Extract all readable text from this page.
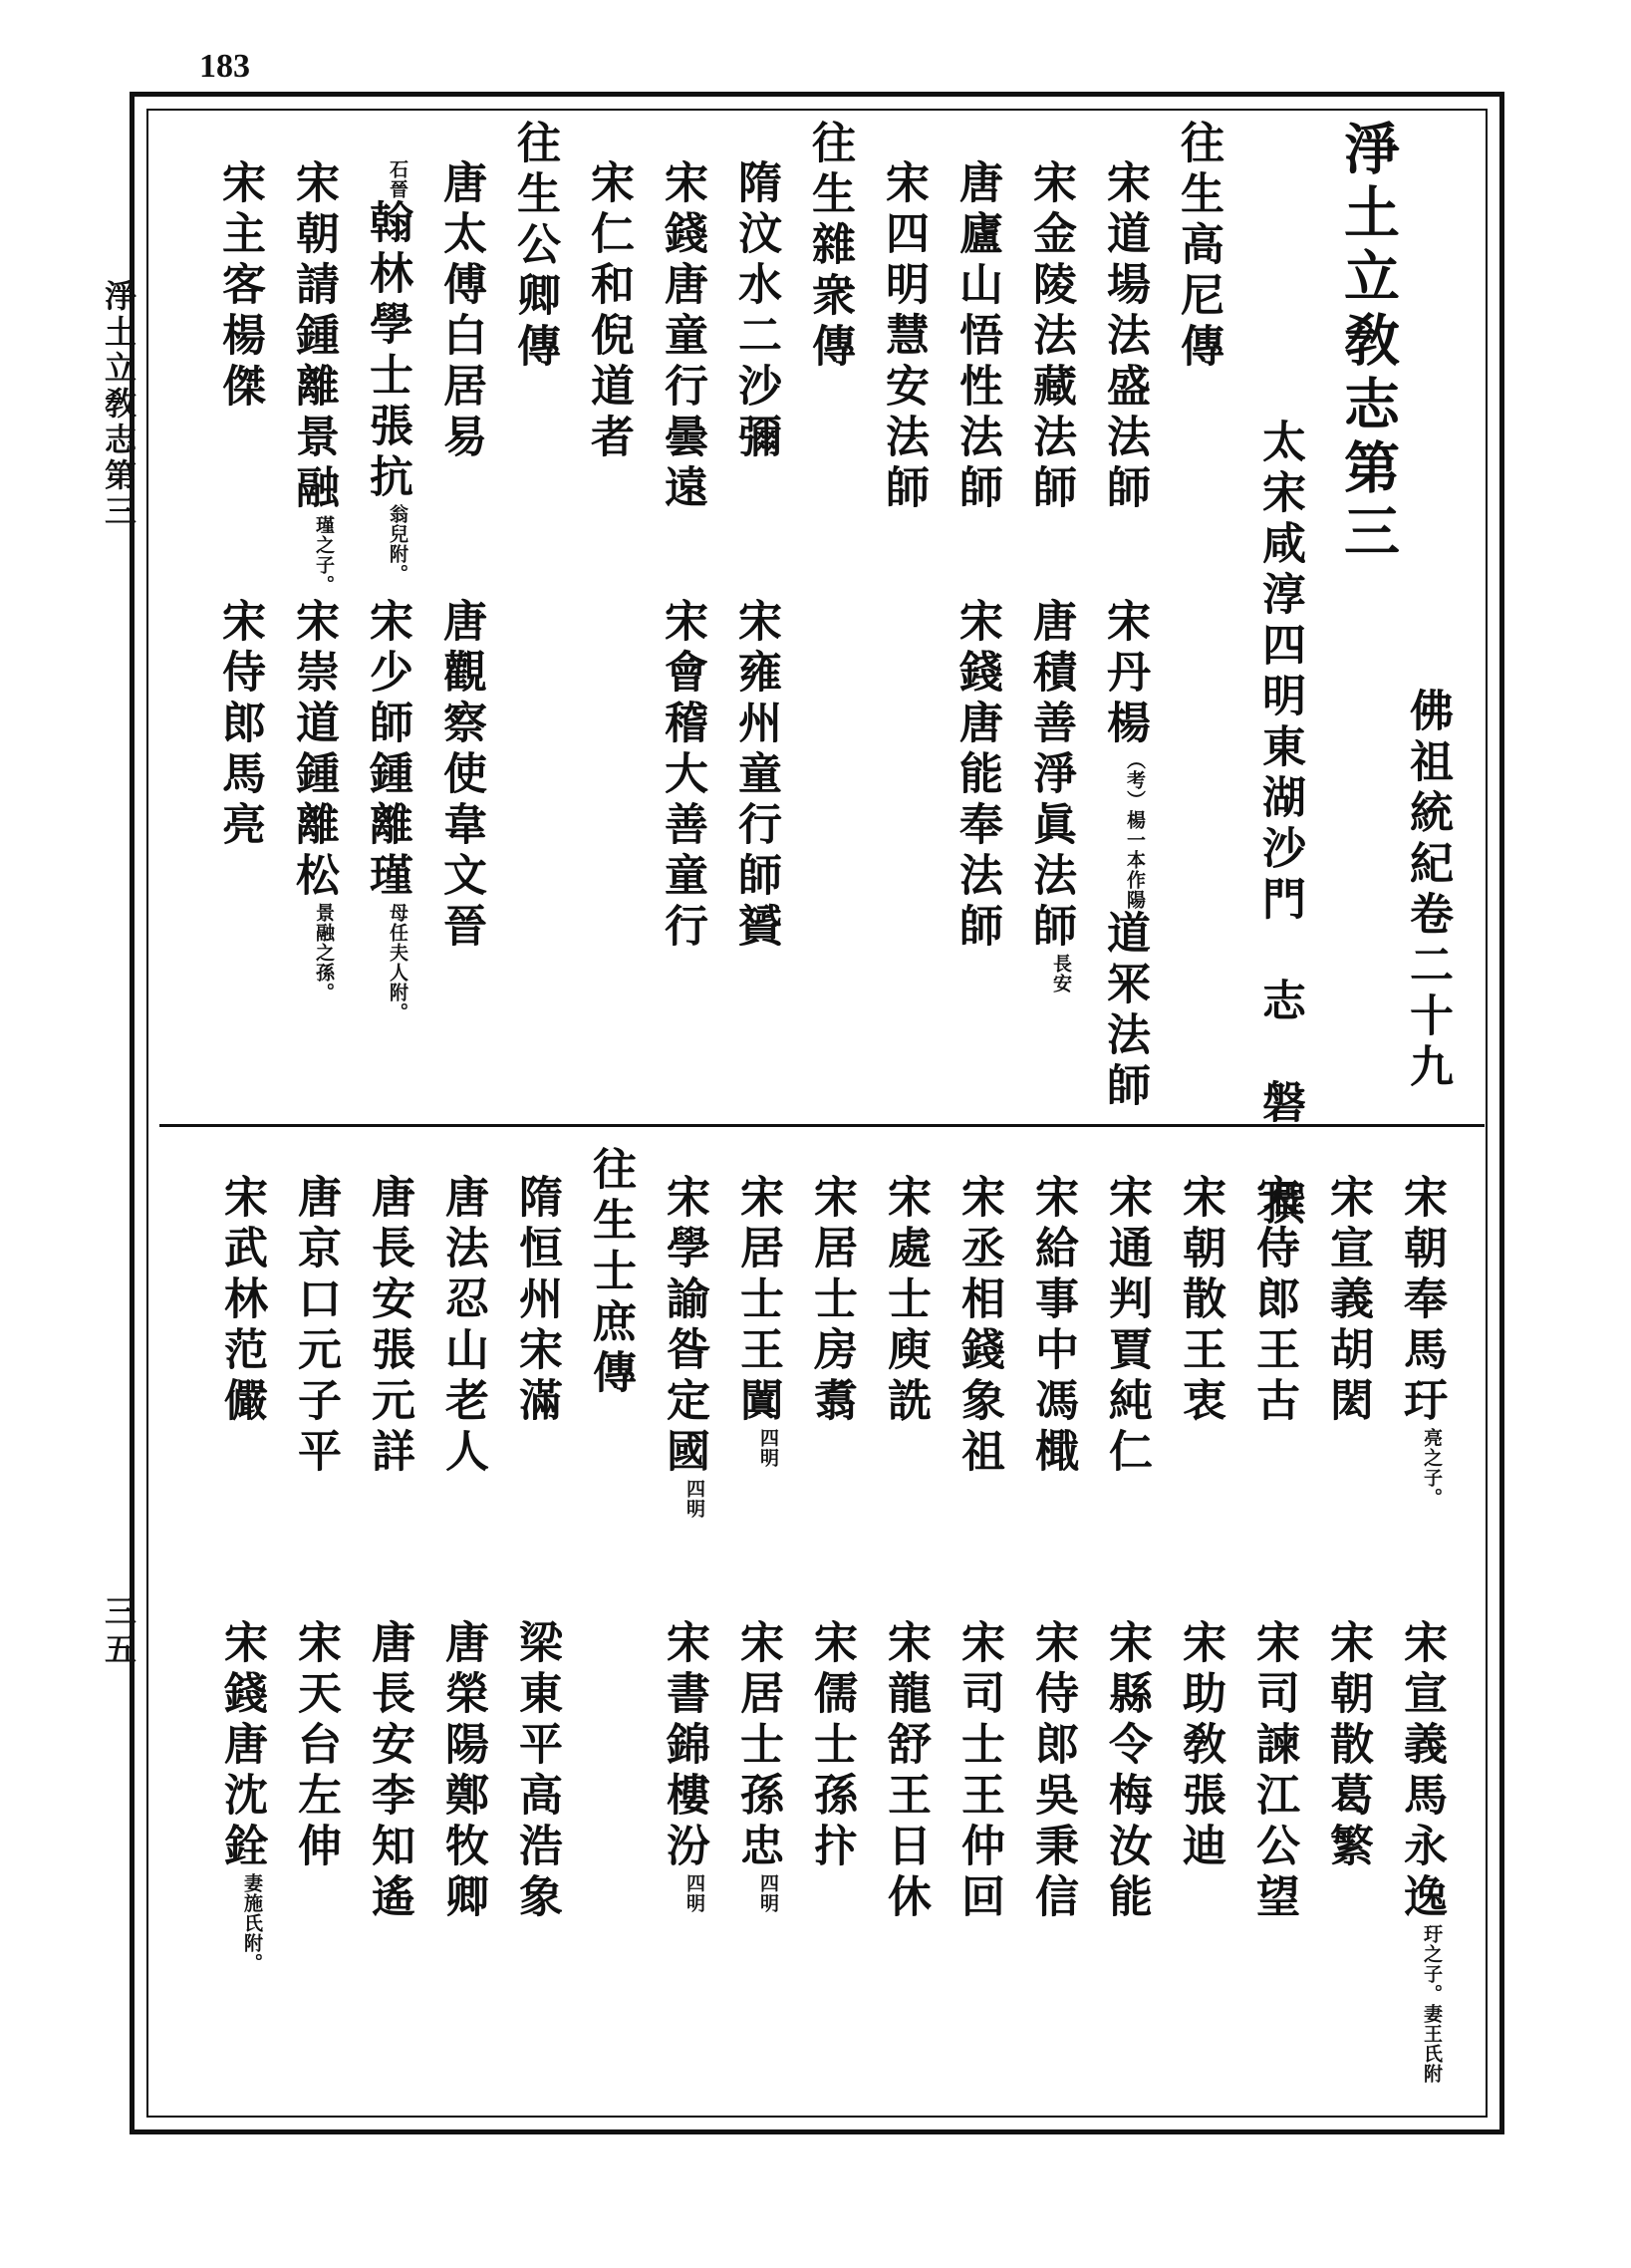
183
淨土立敎志第三
三五
佛祖統紀卷二十九
淨土立敎志第三
太宋咸淳四明東湖沙門　志　磐　撰
往生高尼傳
宋道場法盛法師
宋丹楊（考）楊一本作陽道冞法師
宋金陵法藏法師
唐積善淨眞法師長安
唐廬山悟性法師
宋錢唐能奉法師
宋四明慧安法師
往生雜衆傳
隋汶水二沙彌
宋雍州童行師贇
宋錢唐童行曇遠
宋會稽大善童行
宋仁和倪道者
往生公卿傳
唐太傅白居易
唐觀察使韋文晉
石晉翰林學士張抗翁兒附。
宋少師鍾離瑾母任夫人附。
宋朝請鍾離景融瑾之子。
宋崇道鍾離松景融之孫。
宋主客楊傑
宋侍郎馬亮
宋朝奉馬玗亮之子。
宋宣義馬永逸玗之子。妻王氏附
宋宣義胡閎
宋朝散葛繁
宋侍郎王古
宋司諫江公望
宋朝散王衷
宋助敎張迪
宋通判賈純仁
宋縣令梅汝能
宋給事中馮檝
宋侍郎吳秉信
宋丞相錢象祖
宋司士王仲回
宋處士庾詵
宋龍舒王日休
宋居士房翥
宋儒士孫抃
宋居士王闐四明
宋居士孫忠四明
宋學諭昝定國四明
宋書錦樓汾四明
往生士庶傳
隋恒州宋滿
梁東平高浩象
唐法忍山老人
唐榮陽鄭牧卿
唐長安張元詳
唐長安李知遙
唐京口元子平
宋天台左伸
宋武林范儼
宋錢唐沈銓妻施氏附。
